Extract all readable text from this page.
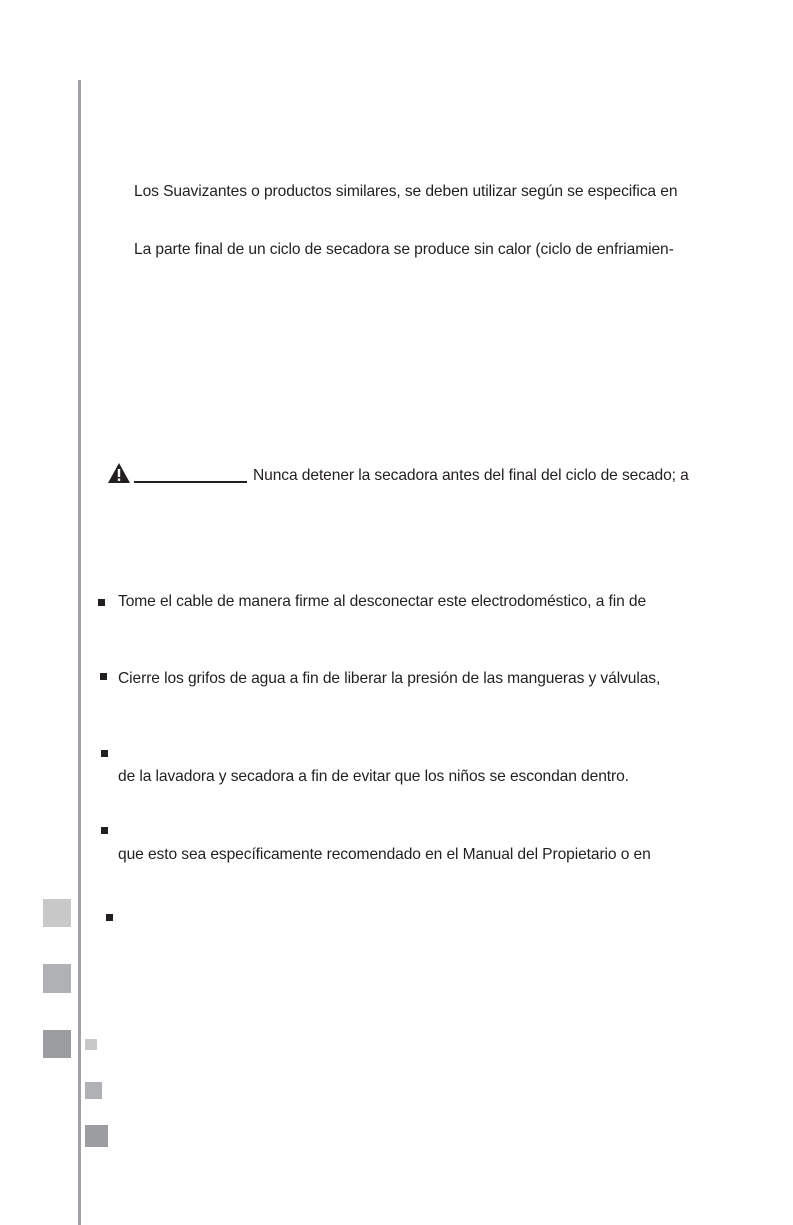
Los Suavizantes o productos similares, se deben utilizar según se especifica en
La parte final de un ciclo de secadora se produce sin calor (ciclo de enfriamien-
Nunca detener la secadora antes del final del ciclo de secado; a
Tome el cable de manera firme al desconectar este electrodoméstico, a fin de
Cierre los grifos de agua a fin de liberar la presión de las mangueras y válvulas,
de la lavadora y secadora a fin de evitar que los niños se escondan dentro.
que esto sea específicamente recomendado en el Manual del Propietario o en
